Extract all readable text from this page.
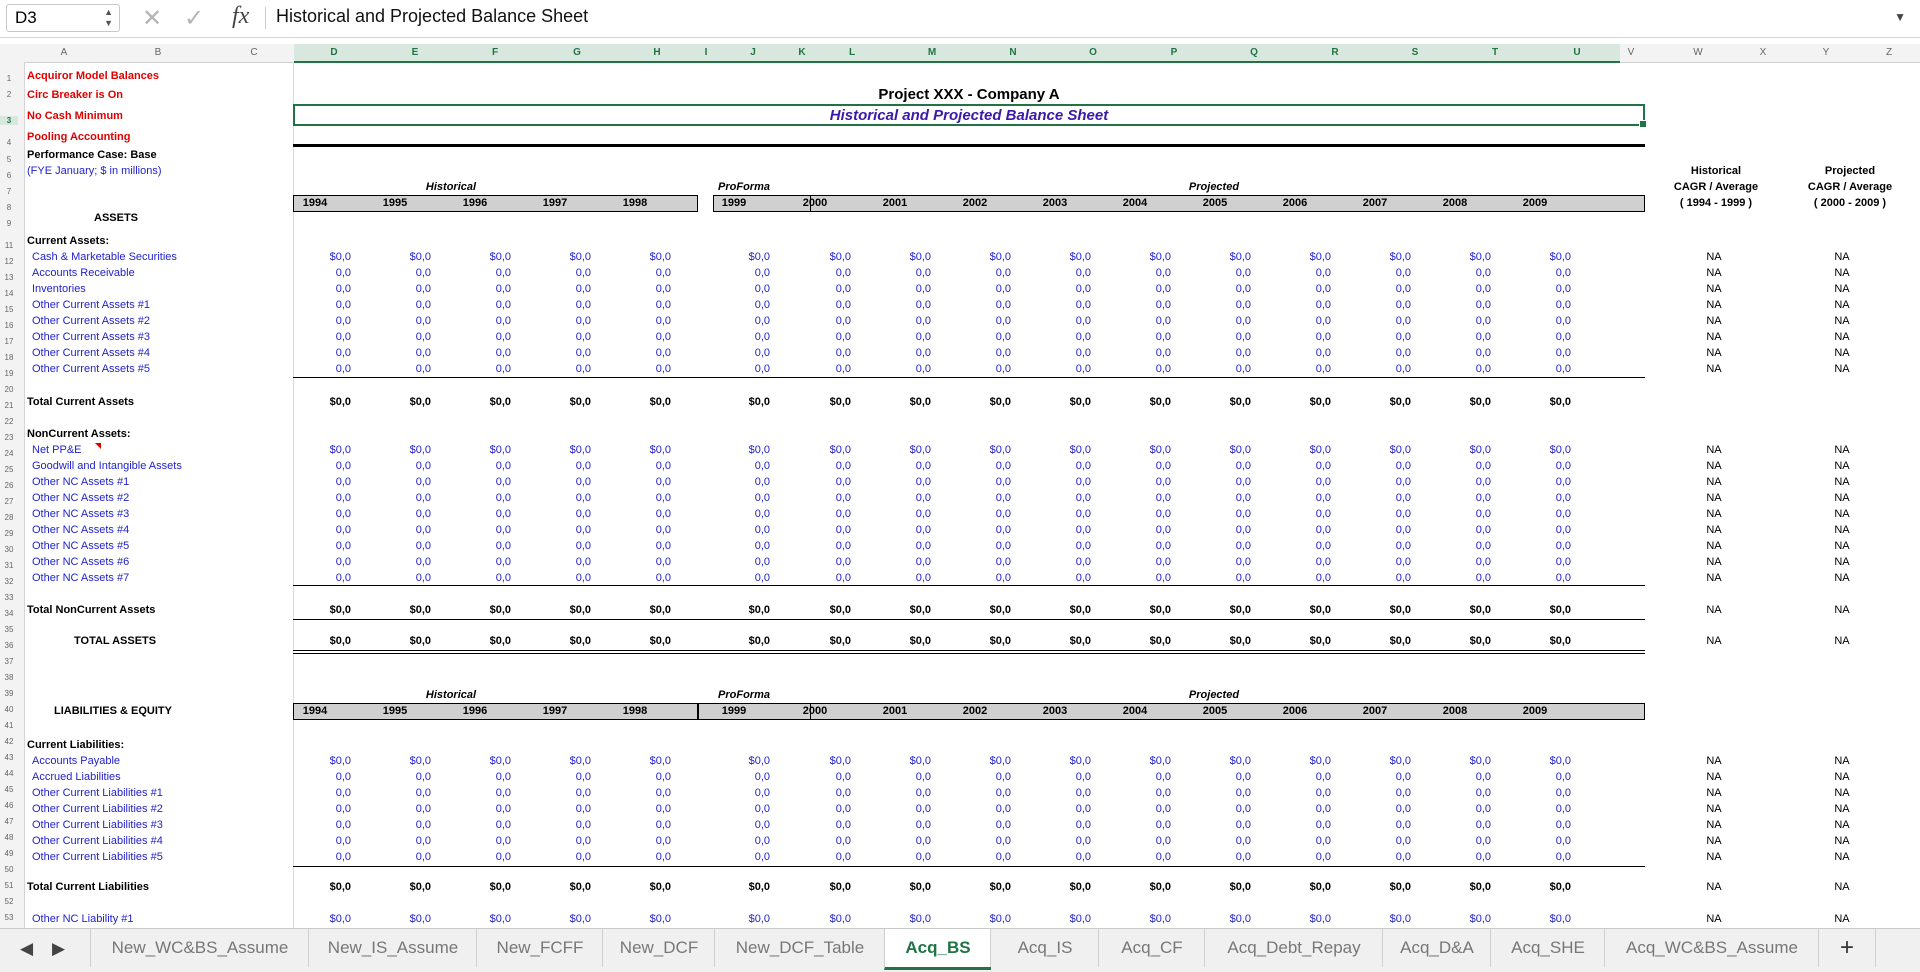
D3	▲
▼ ✕ ✓ fx Historical and Projected Balance Sheet	▼
A	B	C	D	E	F	G	H	I	J	K	L	M	N	O	P	Q	R	S	T	U	V	W	X	Y	Z
1
2
3
4
5
6
7
8
9
11
12
13
14
15
16
17
18
19
20
21
22
23
24
25
26
27
28
29
30
31
32
33
34
35
36
37
38
39
40
41
42
43
44
45
46
47
48
49
50
51
52
53
Acquiror Model Balances
Circ Breaker is On
No Cash Minimum
Pooling Accounting
Project XXX - Company A
Historical and Projected Balance Sheet
Performance Case: Base
(FYE January; $ in millions)
Historical	ProForma	Projected
Historical
CAGR / Average
( 1994 - 1999 )
Projected
CAGR / Average
( 2000 - 2009 )
1994	1995	1996	1997	1998	1999	2000	2001	2002	2003	2004	2005	2006	2007	2008	2009
ASSETS
Current Assets:
Cash & Marketable Securities	$0,0	$0,0	$0,0	$0,0	$0,0	$0,0	$0,0	$0,0	$0,0	$0,0	$0,0	$0,0	$0,0	$0,0	$0,0	$0,0	NA	NA
Accounts Receivable	0,0	0,0	0,0	0,0	0,0	0,0	0,0	0,0	0,0	0,0	0,0	0,0	0,0	0,0	0,0	0,0	NA	NA
Inventories	0,0	0,0	0,0	0,0	0,0	0,0	0,0	0,0	0,0	0,0	0,0	0,0	0,0	0,0	0,0	0,0	NA	NA
Other Current Assets #1	0,0	0,0	0,0	0,0	0,0	0,0	0,0	0,0	0,0	0,0	0,0	0,0	0,0	0,0	0,0	0,0	NA	NA
Other Current Assets #2	0,0	0,0	0,0	0,0	0,0	0,0	0,0	0,0	0,0	0,0	0,0	0,0	0,0	0,0	0,0	0,0	NA	NA
Other Current Assets #3	0,0	0,0	0,0	0,0	0,0	0,0	0,0	0,0	0,0	0,0	0,0	0,0	0,0	0,0	0,0	0,0	NA	NA
Other Current Assets #4	0,0	0,0	0,0	0,0	0,0	0,0	0,0	0,0	0,0	0,0	0,0	0,0	0,0	0,0	0,0	0,0	NA	NA
Other Current Assets #5	0,0	0,0	0,0	0,0	0,0	0,0	0,0	0,0	0,0	0,0	0,0	0,0	0,0	0,0	0,0	0,0	NA	NA
Total Current Assets	$0,0	$0,0	$0,0	$0,0	$0,0	$0,0	$0,0	$0,0	$0,0	$0,0	$0,0	$0,0	$0,0	$0,0	$0,0	$0,0
NonCurrent Assets:
Net PP&E	$0,0	$0,0	$0,0	$0,0	$0,0	$0,0	$0,0	$0,0	$0,0	$0,0	$0,0	$0,0	$0,0	$0,0	$0,0	$0,0	NA	NA
Goodwill and Intangible Assets	0,0	0,0	0,0	0,0	0,0	0,0	0,0	0,0	0,0	0,0	0,0	0,0	0,0	0,0	0,0	0,0	NA	NA
Other NC Assets #1	0,0	0,0	0,0	0,0	0,0	0,0	0,0	0,0	0,0	0,0	0,0	0,0	0,0	0,0	0,0	0,0	NA	NA
Other NC Assets #2	0,0	0,0	0,0	0,0	0,0	0,0	0,0	0,0	0,0	0,0	0,0	0,0	0,0	0,0	0,0	0,0	NA	NA
Other NC Assets #3	0,0	0,0	0,0	0,0	0,0	0,0	0,0	0,0	0,0	0,0	0,0	0,0	0,0	0,0	0,0	0,0	NA	NA
Other NC Assets #4	0,0	0,0	0,0	0,0	0,0	0,0	0,0	0,0	0,0	0,0	0,0	0,0	0,0	0,0	0,0	0,0	NA	NA
Other NC Assets #5	0,0	0,0	0,0	0,0	0,0	0,0	0,0	0,0	0,0	0,0	0,0	0,0	0,0	0,0	0,0	0,0	NA	NA
Other NC Assets #6	0,0	0,0	0,0	0,0	0,0	0,0	0,0	0,0	0,0	0,0	0,0	0,0	0,0	0,0	0,0	0,0	NA	NA
Other NC Assets #7	0,0	0,0	0,0	0,0	0,0	0,0	0,0	0,0	0,0	0,0	0,0	0,0	0,0	0,0	0,0	0,0	NA	NA
Total NonCurrent Assets	$0,0	$0,0	$0,0	$0,0	$0,0	$0,0	$0,0	$0,0	$0,0	$0,0	$0,0	$0,0	$0,0	$0,0	$0,0	$0,0	NA	NA
TOTAL ASSETS	$0,0	$0,0	$0,0	$0,0	$0,0	$0,0	$0,0	$0,0	$0,0	$0,0	$0,0	$0,0	$0,0	$0,0	$0,0	$0,0	NA	NA
Historical	ProForma	Projected
1994	1995	1996	1997	1998	1999	2000	2001	2002	2003	2004	2005	2006	2007	2008	2009
LIABILITIES & EQUITY
Current Liabilities:
Accounts Payable	$0,0	$0,0	$0,0	$0,0	$0,0	$0,0	$0,0	$0,0	$0,0	$0,0	$0,0	$0,0	$0,0	$0,0	$0,0	$0,0	NA	NA
Accrued Liabilities	0,0	0,0	0,0	0,0	0,0	0,0	0,0	0,0	0,0	0,0	0,0	0,0	0,0	0,0	0,0	0,0	NA	NA
Other Current Liabilities #1	0,0	0,0	0,0	0,0	0,0	0,0	0,0	0,0	0,0	0,0	0,0	0,0	0,0	0,0	0,0	0,0	NA	NA
Other Current Liabilities #2	0,0	0,0	0,0	0,0	0,0	0,0	0,0	0,0	0,0	0,0	0,0	0,0	0,0	0,0	0,0	0,0	NA	NA
Other Current Liabilities #3	0,0	0,0	0,0	0,0	0,0	0,0	0,0	0,0	0,0	0,0	0,0	0,0	0,0	0,0	0,0	0,0	NA	NA
Other Current Liabilities #4	0,0	0,0	0,0	0,0	0,0	0,0	0,0	0,0	0,0	0,0	0,0	0,0	0,0	0,0	0,0	0,0	NA	NA
Other Current Liabilities #5	0,0	0,0	0,0	0,0	0,0	0,0	0,0	0,0	0,0	0,0	0,0	0,0	0,0	0,0	0,0	0,0	NA	NA
Total Current Liabilities	$0,0	$0,0	$0,0	$0,0	$0,0	$0,0	$0,0	$0,0	$0,0	$0,0	$0,0	$0,0	$0,0	$0,0	$0,0	$0,0	NA	NA
Other NC Liability #1	$0,0	$0,0	$0,0	$0,0	$0,0	$0,0	$0,0	$0,0	$0,0	$0,0	$0,0	$0,0	$0,0	$0,0	$0,0	$0,0	NA	NA
◀ ▶	New_WC&BS_Assume	New_IS_Assume	New_FCFF	New_DCF	New_DCF_Table	Acq_BS	Acq_IS	Acq_CF	Acq_Debt_Repay	Acq_D&A	Acq_SHE	Acq_WC&BS_Assume	+
